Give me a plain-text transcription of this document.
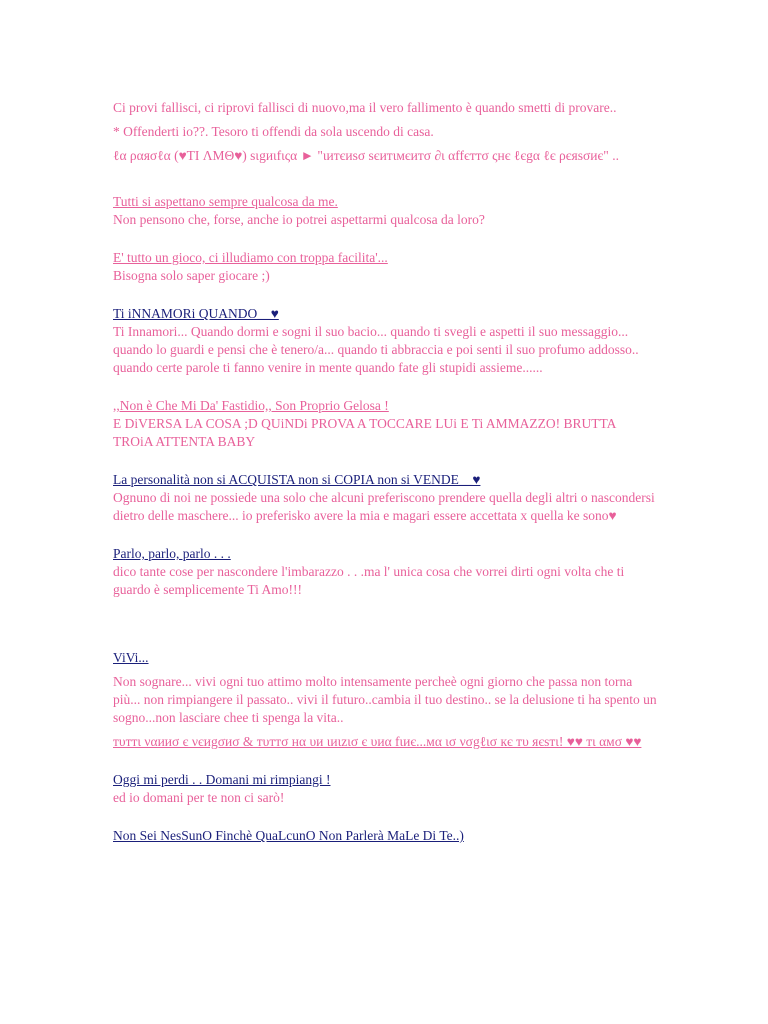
Ci provi fallisci, ci riprovi fallisci di nuovo,ma il vero fallimento è quando smetti di provare..

* Offenderti io??. Tesoro ti offendi da sola uscendo di casa.

ℓα ραяσℓα (♥TI ΛMΘ♥) sιgиιfιςα ► "ιитєиѕσ ѕєитιмєитσ ∂ι αffєттσ ςнє ℓєgα ℓє ρєяѕσиє" ..

Tutti si aspettano sempre qualcosa da me.

Non pensono che, forse, anche io potrei aspettarmi qualcosa da loro?

E' tutto un gioco, ci illudiamo con troppa facilita'...

Bisogna solo saper giocare ;)

Ti iNNAMORi QUANDO__♥

Ti Innamori... Quando dormi e sogni il suo bacio... quando ti svegli e aspetti il suo messaggio... quando lo guardi e pensi che è tenero/a... quando ti abbraccia e poi senti il suo profumo addosso.. quando certe parole ti fanno venire in mente quando fate gli stupidi assieme......

,,Non è Che Mi Da' Fastidio,, Son Proprio Gelosa !

E DiVERSA LA COSA ;D QUiNDi PROVA A TOCCARE LUi E Ti AMMAZZO! BRUTTA TROiA ATTENTA BABY

La personalità non si ACQUISTA non si COPIA non si VENDE__♥

Ognuno di noi ne possiede una solo che alcuni preferiscono prendere quella degli altri o nascondersi dietro delle maschere... io preferisko avere la mia e magari essere accettata x quella ke sono♥

Parlo, parlo, parlo . . .

dico tante cose per nascondere l'imbarazzo . . .ma l' unica cosa che vorrei dirti ogni volta che ti guardo è semplicemente Ti Amo!!!

ViVi...

Non sognare... vivi ogni tuo attimo molto intensamente percheè ogni giorno che passa non torna più... non rimpiangere il passato.. vivi il futuro..cambia il tuo destino.. se la delusione ti ha spento un sogno...non lasciare chee ti spenga la vita..

тυттι ναииσ є νєиgσиσ & тυттσ нα υи ιиιzισ є υиα fιиє...мα ισ νσgℓισ кє тυ яєѕтι! ♥♥ тι αмσ ♥♥

Oggi mi perdi . . Domani mi rimpiangi !

ed io domani per te non ci sarò!

Non Sei NesSunO Finchè QuaLcunO Non Parlerà MaLe Di Te..)
